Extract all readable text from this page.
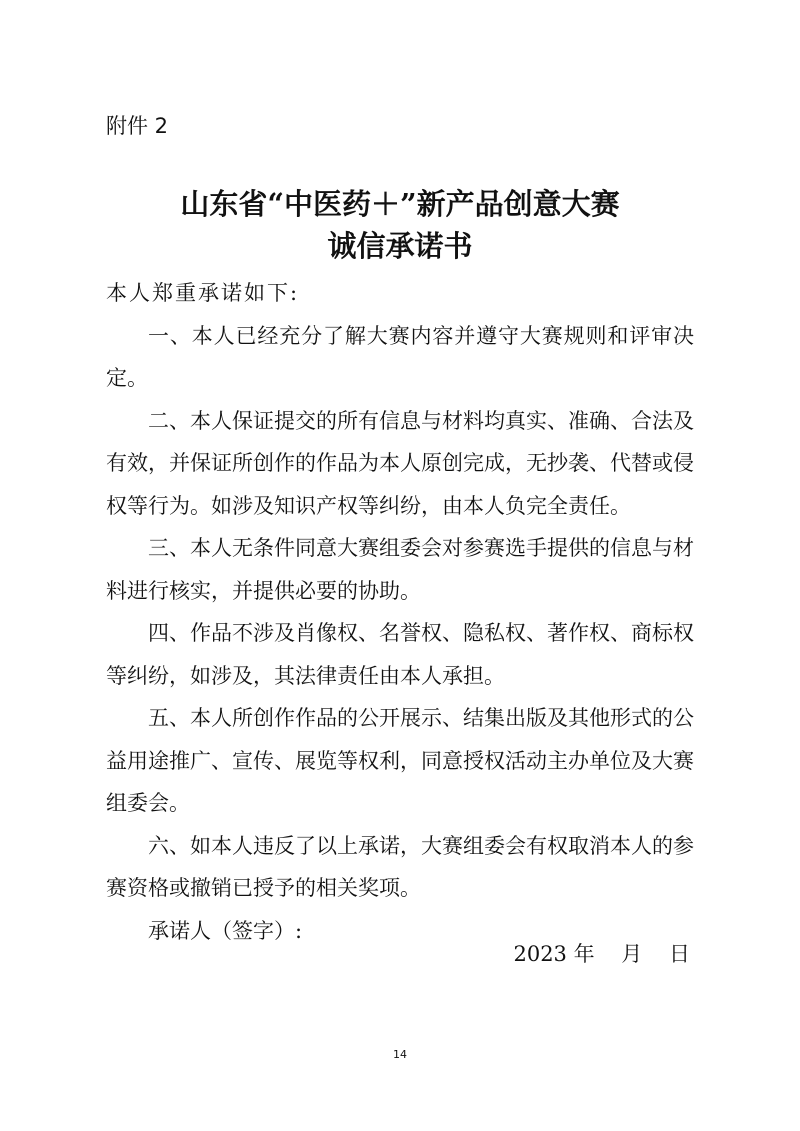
附件 2
山东省“中医药＋”新产品创意大赛
诚信承诺书

本人郑重承诺如下:

一、本人已经充分了解大赛内容并遵守大赛规则和评审决定。

二、本人保证提交的所有信息与材料均真实、准确、合法及有效，并保证所创作的作品为本人原创完成，无抄袭、代替或侵权等行为。如涉及知识产权等纠纷，由本人负完全责任。

三、本人无条件同意大赛组委会对参赛选手提供的信息与材料进行核实，并提供必要的协助。

四、作品不涉及肖像权、名誉权、隐私权、著作权、商标权等纠纷，如涉及，其法律责任由本人承担。

五、本人所创作作品的公开展示、结集出版及其他形式的公益用途推广、宣传、展览等权利，同意授权活动主办单位及大赛组委会。

六、如本人违反了以上承诺，大赛组委会有权取消本人的参赛资格或撤销已授予的相关奖项。

承诺人（签字）:

2023 年    月    日
14
